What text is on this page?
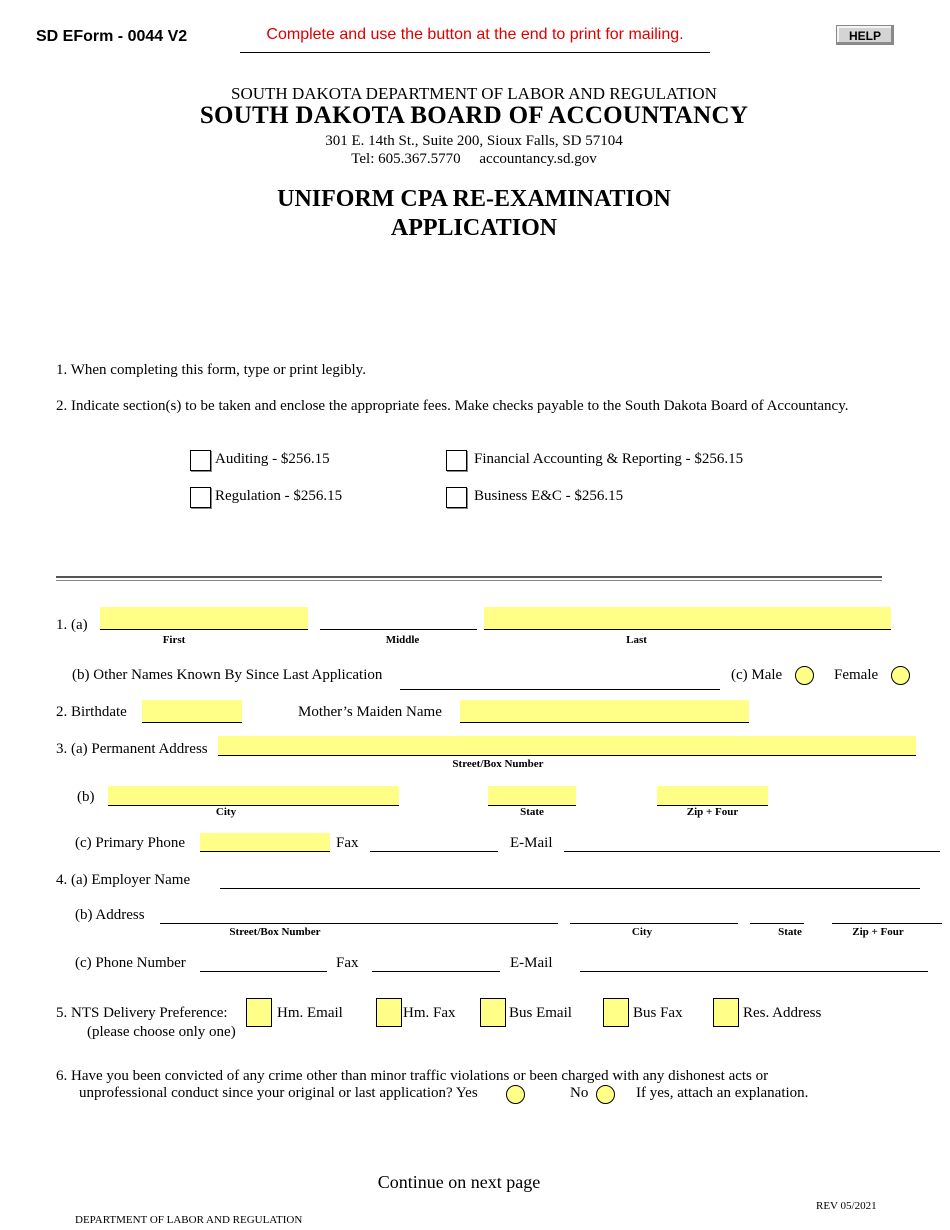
SD EForm - 0044 V2	Complete and use the button at the end to print for mailing.	HELP
SOUTH DAKOTA DEPARTMENT OF LABOR AND REGULATION
SOUTH DAKOTA BOARD OF ACCOUNTANCY
301 E. 14th St., Suite 200, Sioux Falls, SD 57104
Tel: 605.367.5770     accountancy.sd.gov
UNIFORM CPA RE-EXAMINATION
APPLICATION
1. When completing this form, type or print legibly.
2. Indicate section(s) to be taken and enclose the appropriate fees. Make checks payable to the South Dakota Board of Accountancy.
Auditing - $256.15	Financial Accounting & Reporting - $256.15
Regulation - $256.15	Business E&C - $256.15
1. (a)
First	Middle	Last
(b) Other Names Known By Since Last Application	(c) Male	Female
2. Birthdate	Mother’s Maiden Name
3. (a) Permanent Address
Street/Box Number
(b)
City	State	Zip + Four
(c) Primary Phone	Fax	E-Mail
4. (a) Employer Name
(b) Address
Street/Box Number	City	State	Zip + Four
(c) Phone Number	Fax	E-Mail
5. NTS Delivery Preference:
(please choose only one)
Hm. Email	Hm. Fax	Bus Email	Bus Fax	Res. Address
6. Have you been convicted of any crime other than minor traffic violations or been charged with any dishonest acts or
unprofessional conduct since your original or last application? Yes	No	If yes, attach an explanation.
Continue on next page
REV 05/2021
DEPARTMENT OF LABOR AND REGULATION
